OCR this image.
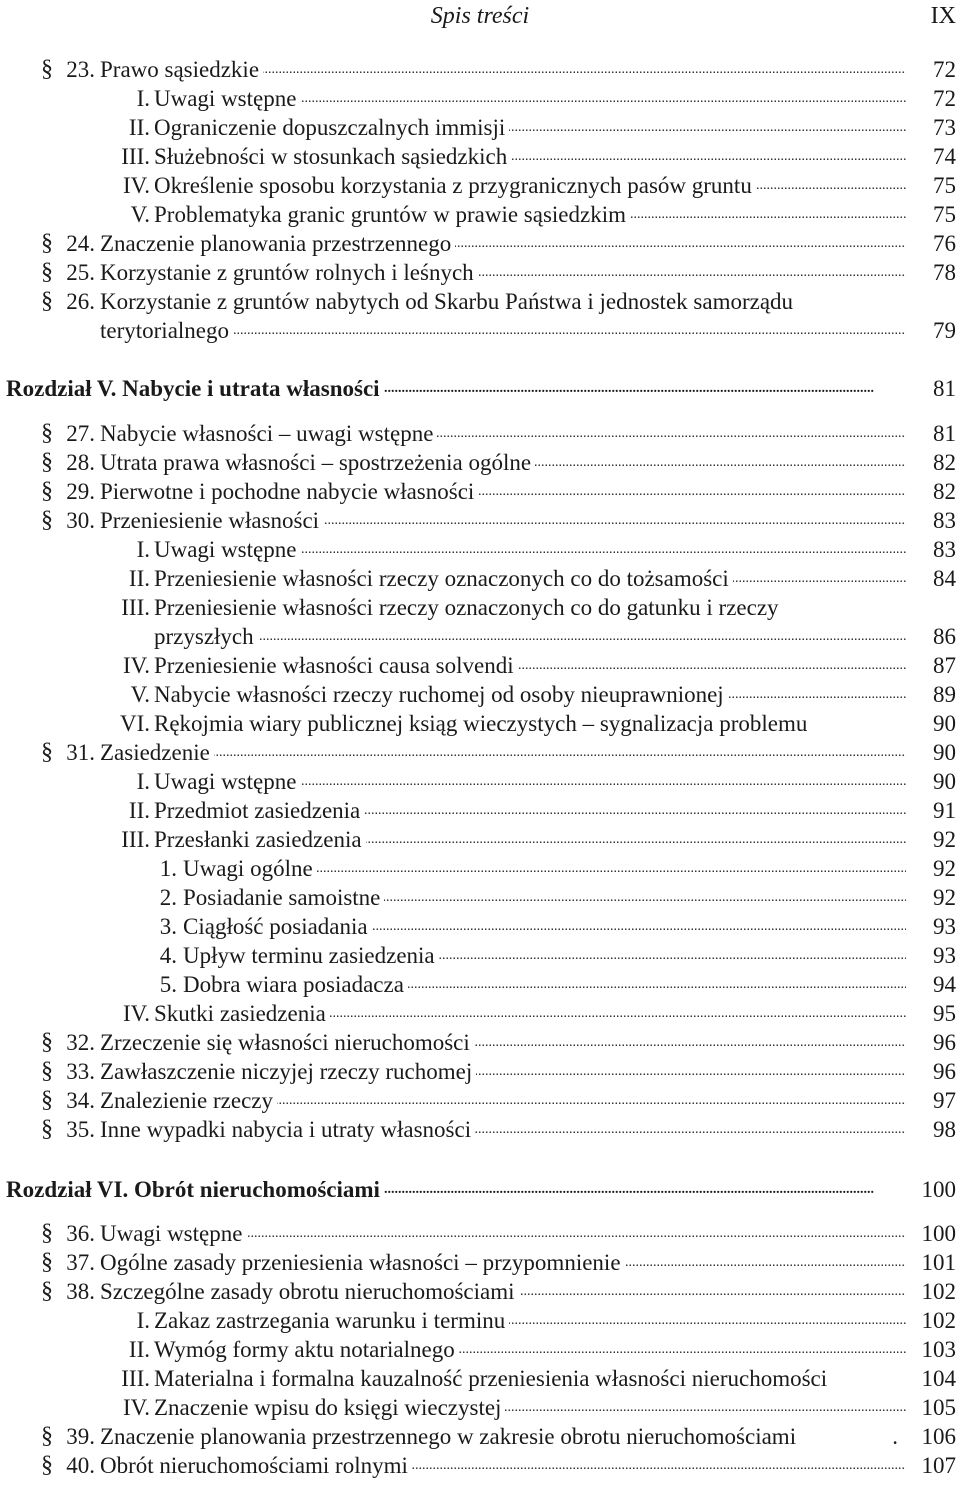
Spis treści	IX
§ 23. Prawo sąsiedzkie .....	72
I. Uwagi wstępne .....	72
II. Ograniczenie dopuszczalnych immisji .....	73
III. Służebności w stosunkach sąsiedzkich .....	74
IV. Określenie sposobu korzystania z przygranicznych pasów gruntu .....	75
V. Problematyka granic gruntów w prawie sąsiedzkim .....	75
§ 24. Znaczenie planowania przestrzennego .....	76
§ 25. Korzystanie z gruntów rolnych i leśnych .....	78
§ 26. Korzystanie z gruntów nabytych od Skarbu Państwa i jednostek samorządu
terytorialnego .....	79
Rozdział V. Nabycie i utrata własności .....	81
§ 27. Nabycie własności – uwagi wstępne .....	81
§ 28. Utrata prawa własności – spostrzeżenia ogólne .....	82
§ 29. Pierwotne i pochodne nabycie własności .....	82
§ 30. Przeniesienie własności .....	83
I. Uwagi wstępne .....	83
II. Przeniesienie własności rzeczy oznaczonych co do tożsamości .....	84
III. Przeniesienie własności rzeczy oznaczonych co do gatunku i rzeczy
przyszłych .....	86
IV. Przeniesienie własności causa solvendi .....	87
V. Nabycie własności rzeczy ruchomej od osoby nieuprawnionej .....	89
VI. Rękojmia wiary publicznej ksiąg wieczystych – sygnalizacja problemu	90
§ 31. Zasiedzenie .....	90
I. Uwagi wstępne .....	90
II. Przedmiot zasiedzenia .....	91
III. Przesłanki zasiedzenia .....	92
1. Uwagi ogólne .....	92
2. Posiadanie samoistne .....	92
3. Ciągłość posiadania .....	93
4. Upływ terminu zasiedzenia .....	93
5. Dobra wiara posiadacza .....	94
IV. Skutki zasiedzenia .....	95
§ 32. Zrzeczenie się własności nieruchomości .....	96
§ 33. Zawłaszczenie niczyjej rzeczy ruchomej .....	96
§ 34. Znalezienie rzeczy .....	97
§ 35. Inne wypadki nabycia i utraty własności .....	98
Rozdział VI. Obrót nieruchomościami .....	100
§ 36. Uwagi wstępne .....	100
§ 37. Ogólne zasady przeniesienia własności – przypomnienie .....	101
§ 38. Szczególne zasady obrotu nieruchomościami .....	102
I. Zakaz zastrzegania warunku i terminu .....	102
II. Wymóg formy aktu notarialnego .....	103
III. Materialna i formalna kauzalność przeniesienia własności nieruchomości	104
IV. Znaczenie wpisu do księgi wieczystej .....	105
§ 39. Znaczenie planowania przestrzennego w zakresie obrotu nieruchomościami	.	106
§ 40. Obrót nieruchomościami rolnymi .....	107
